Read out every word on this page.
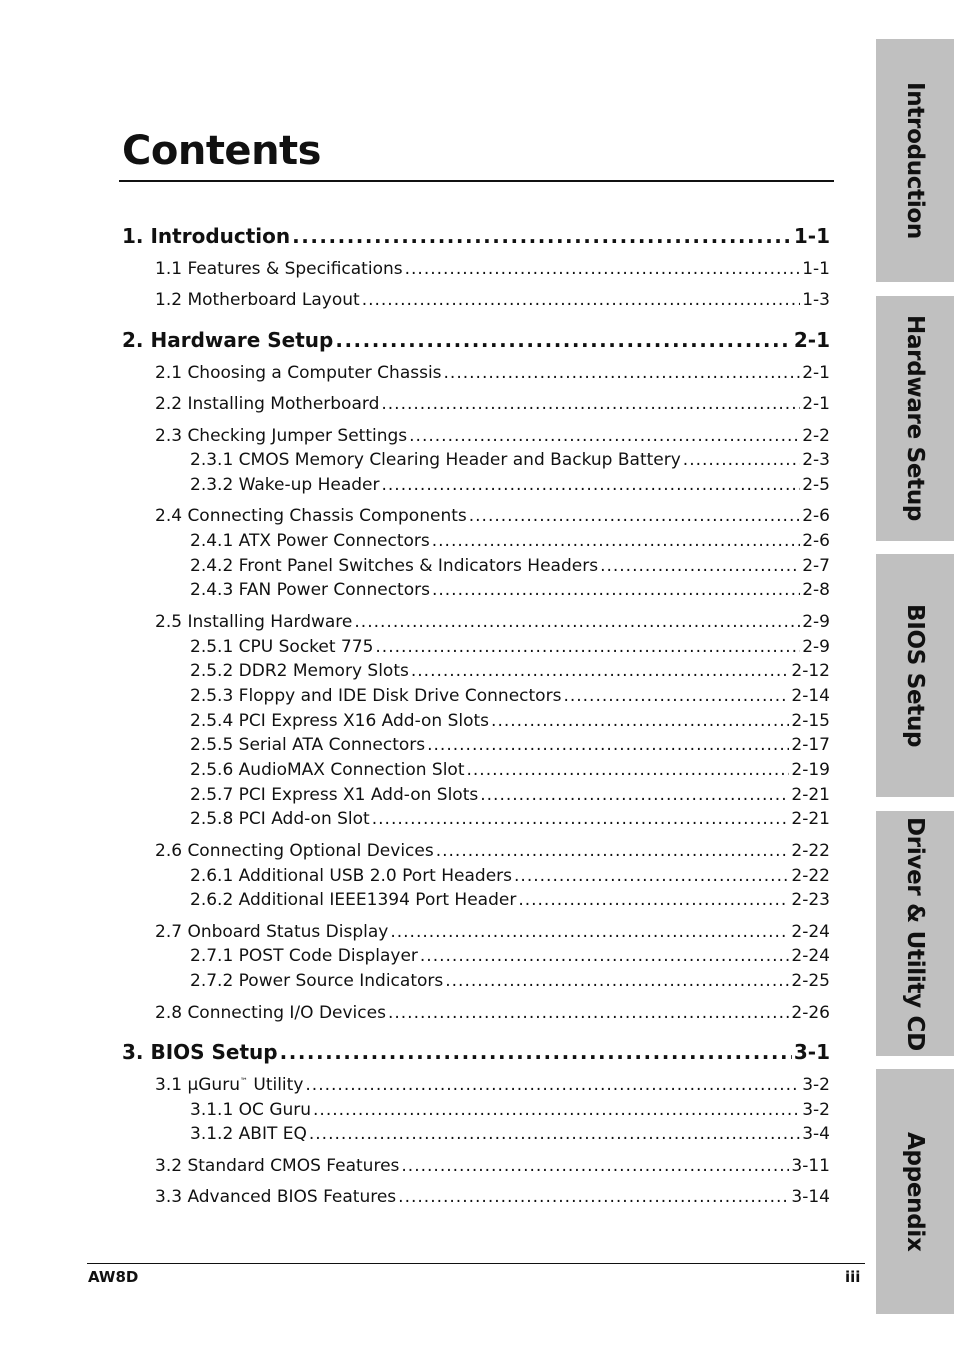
Contents
1. Introduction .....	1-1
1.1 Features & Specifications .....	1-1
1.2 Motherboard Layout .....	1-3
2. Hardware Setup .....	2-1
2.1 Choosing a Computer Chassis .....	2-1
2.2 Installing Motherboard .....	2-1
2.3 Checking Jumper Settings .....	2-2
2.3.1 CMOS Memory Clearing Header and Backup Battery .....	2-3
2.3.2 Wake-up Header .....	2-5
2.4 Connecting Chassis Components .....	2-6
2.4.1 ATX Power Connectors .....	2-6
2.4.2 Front Panel Switches & Indicators Headers .....	2-7
2.4.3 FAN Power Connectors .....	2-8
2.5 Installing Hardware .....	2-9
2.5.1 CPU Socket 775 .....	2-9
2.5.2 DDR2 Memory Slots .....	2-12
2.5.3 Floppy and IDE Disk Drive Connectors .....	2-14
2.5.4 PCI Express X16 Add-on Slots .....	2-15
2.5.5 Serial ATA Connectors .....	2-17
2.5.6 AudioMAX Connection Slot .....	2-19
2.5.7 PCI Express X1 Add-on Slots .....	2-21
2.5.8 PCI Add-on Slot .....	2-21
2.6 Connecting Optional Devices .....	2-22
2.6.1 Additional USB 2.0 Port Headers .....	2-22
2.6.2 Additional IEEE1394 Port Header .....	2-23
2.7 Onboard Status Display .....	2-24
2.7.1 POST Code Displayer .....	2-24
2.7.2 Power Source Indicators .....	2-25
2.8 Connecting I/O Devices .....	2-26
3. BIOS Setup .....	3-1
3.1 μGuru™ Utility .....	3-2
3.1.1 OC Guru .....	3-2
3.1.2 ABIT EQ .....	3-4
3.2 Standard CMOS Features .....	3-11
3.3 Advanced BIOS Features .....	3-14
Introduction
Hardware Setup
BIOS Setup
Driver & Utility CD
Appendix
AW8D	iii
